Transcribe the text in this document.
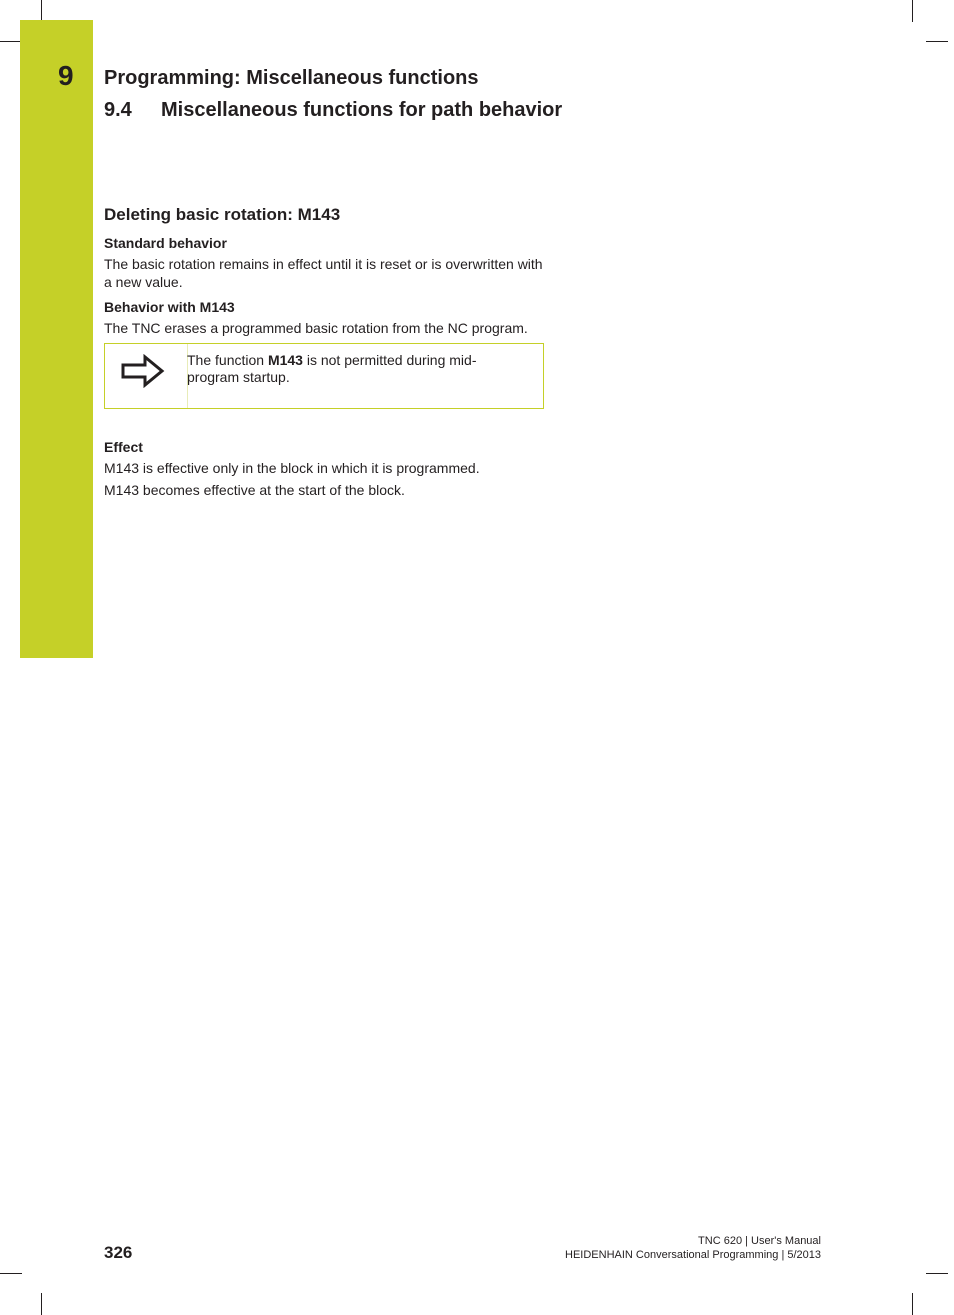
9	Programming: Miscellaneous functions
9.4 Miscellaneous functions for path behavior
Deleting basic rotation: M143
Standard behavior
The basic rotation remains in effect until it is reset or is overwritten with a new value.
Behavior with M143
The TNC erases a programmed basic rotation from the NC program.
The function M143 is not permitted during mid-program startup.
Effect
M143 is effective only in the block in which it is programmed.
M143 becomes effective at the start of the block.
326
TNC 620 | User's Manual
HEIDENHAIN Conversational Programming | 5/2013
